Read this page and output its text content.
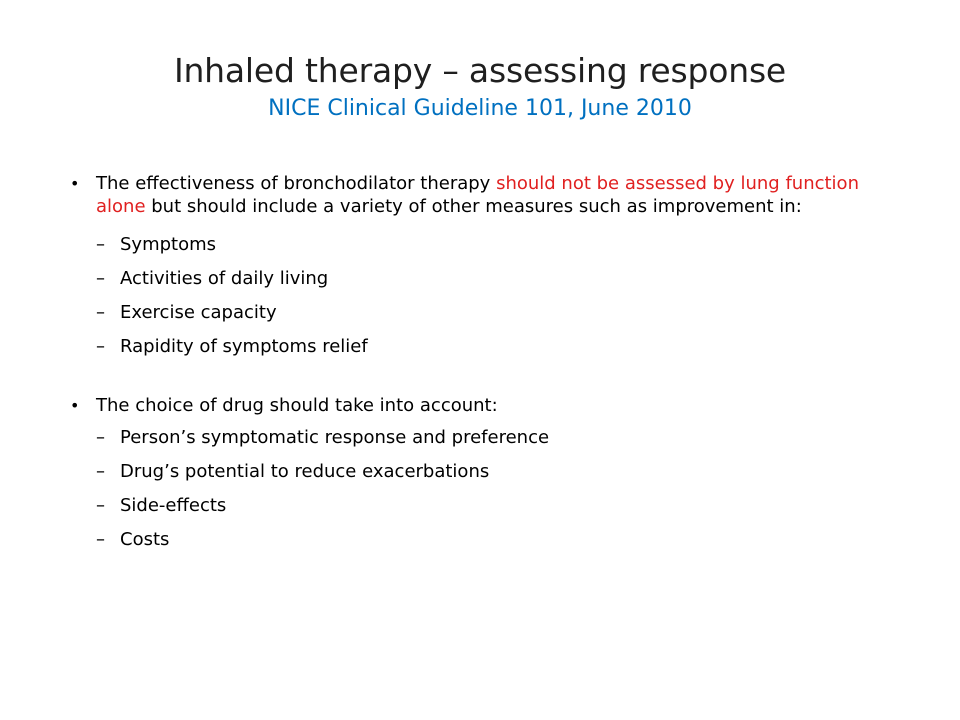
Inhaled therapy – assessing response
NICE Clinical Guideline 101, June 2010
• The effectiveness of bronchodilator therapy should not be assessed by lung function alone but should include a variety of other measures such as improvement in:
– Symptoms
– Activities of daily living
– Exercise capacity
– Rapidity of symptoms relief
• The choice of drug should take into account:
– Person’s symptomatic response and preference
– Drug’s potential to reduce exacerbations
– Side-effects
– Costs
